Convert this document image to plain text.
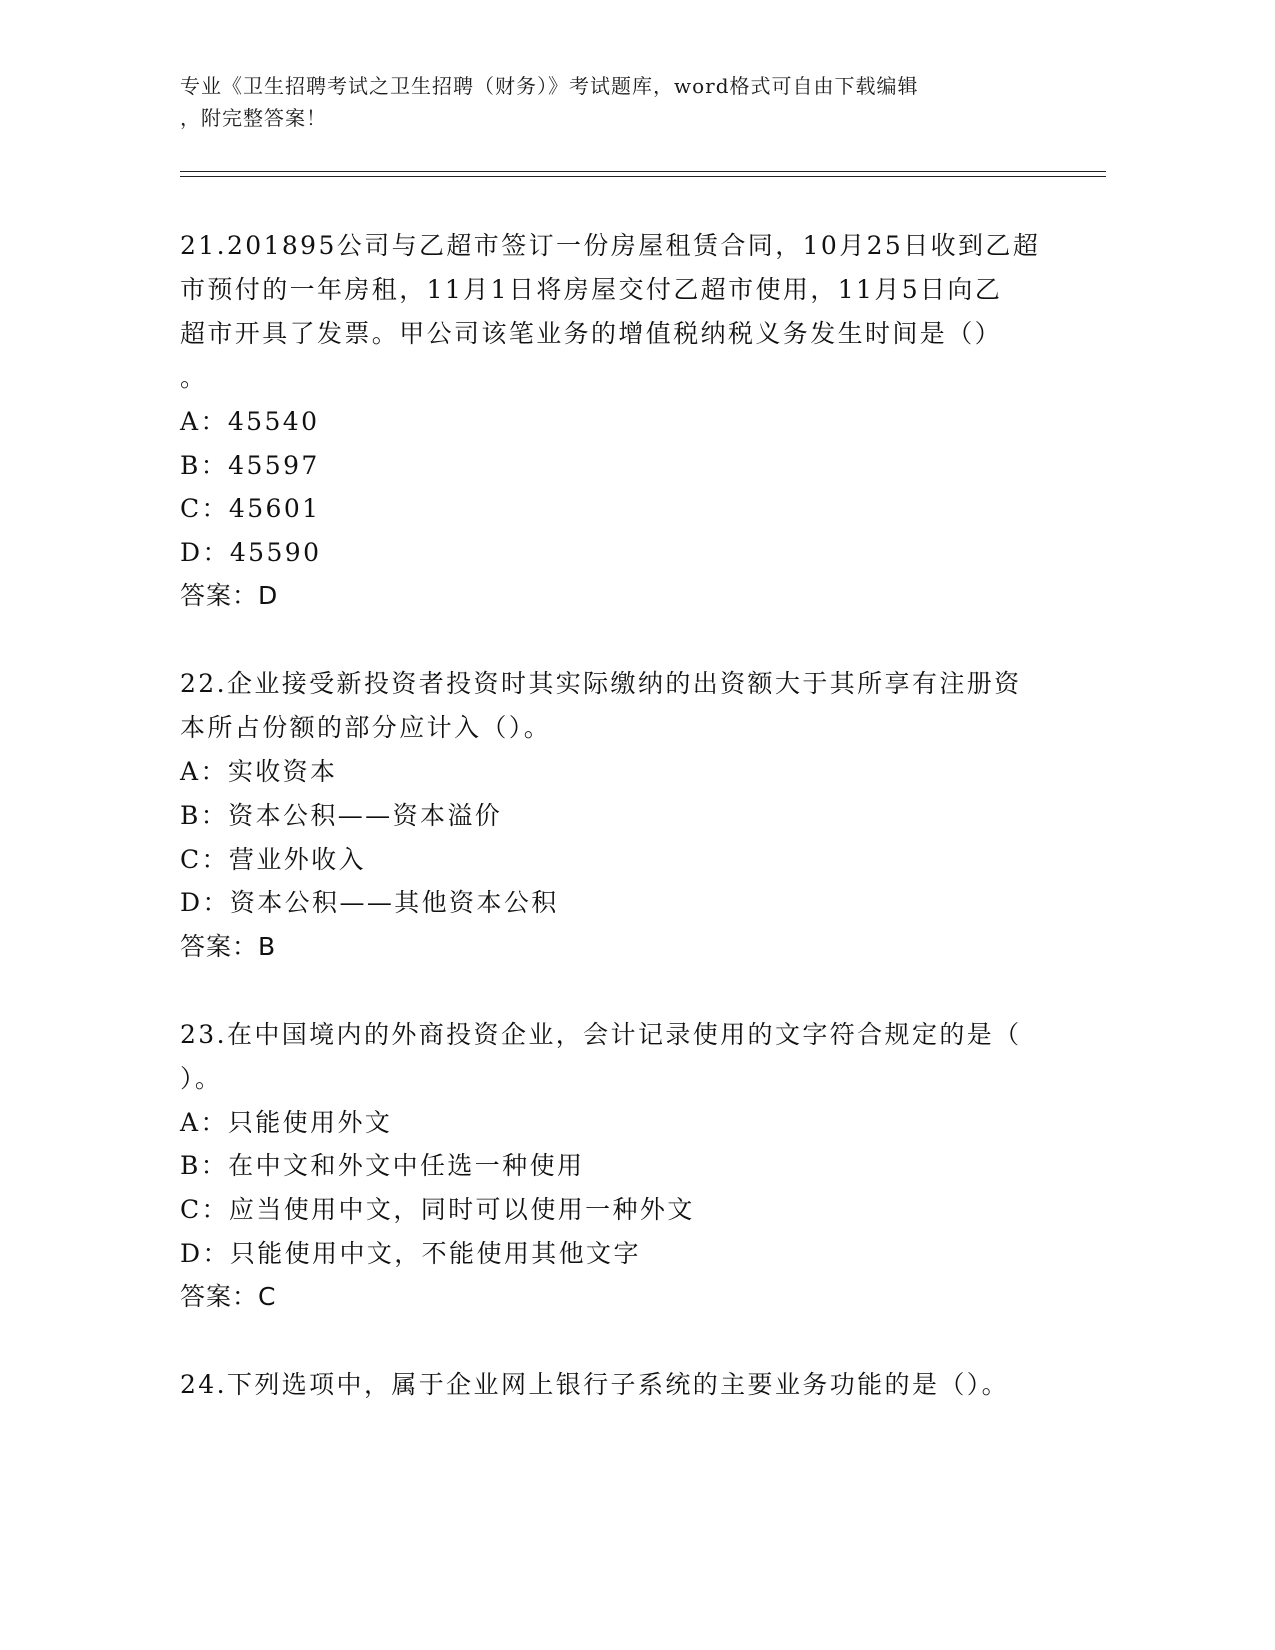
专业《卫生招聘考试之卫生招聘（财务）》考试题库，word格式可自由下载编辑
，附完整答案！
21.201895公司与乙超市签订一份房屋租赁合同，10月25日收到乙超
市预付的一年房租，11月1日将房屋交付乙超市使用，11月5日向乙
超市开具了发票。甲公司该笔业务的增值税纳税义务发生时间是（）
。
A：45540
B：45597
C：45601
D：45590
答案：D
22.企业接受新投资者投资时其实际缴纳的出资额大于其所享有注册资
本所占份额的部分应计入（）。
A：实收资本
B：资本公积——资本溢价
C：营业外收入
D：资本公积——其他资本公积
答案：B
23.在中国境内的外商投资企业，会计记录使用的文字符合规定的是（
）。
A：只能使用外文
B：在中文和外文中任选一种使用
C：应当使用中文，同时可以使用一种外文
D：只能使用中文，不能使用其他文字
答案：C
24.下列选项中，属于企业网上银行子系统的主要业务功能的是（）。
